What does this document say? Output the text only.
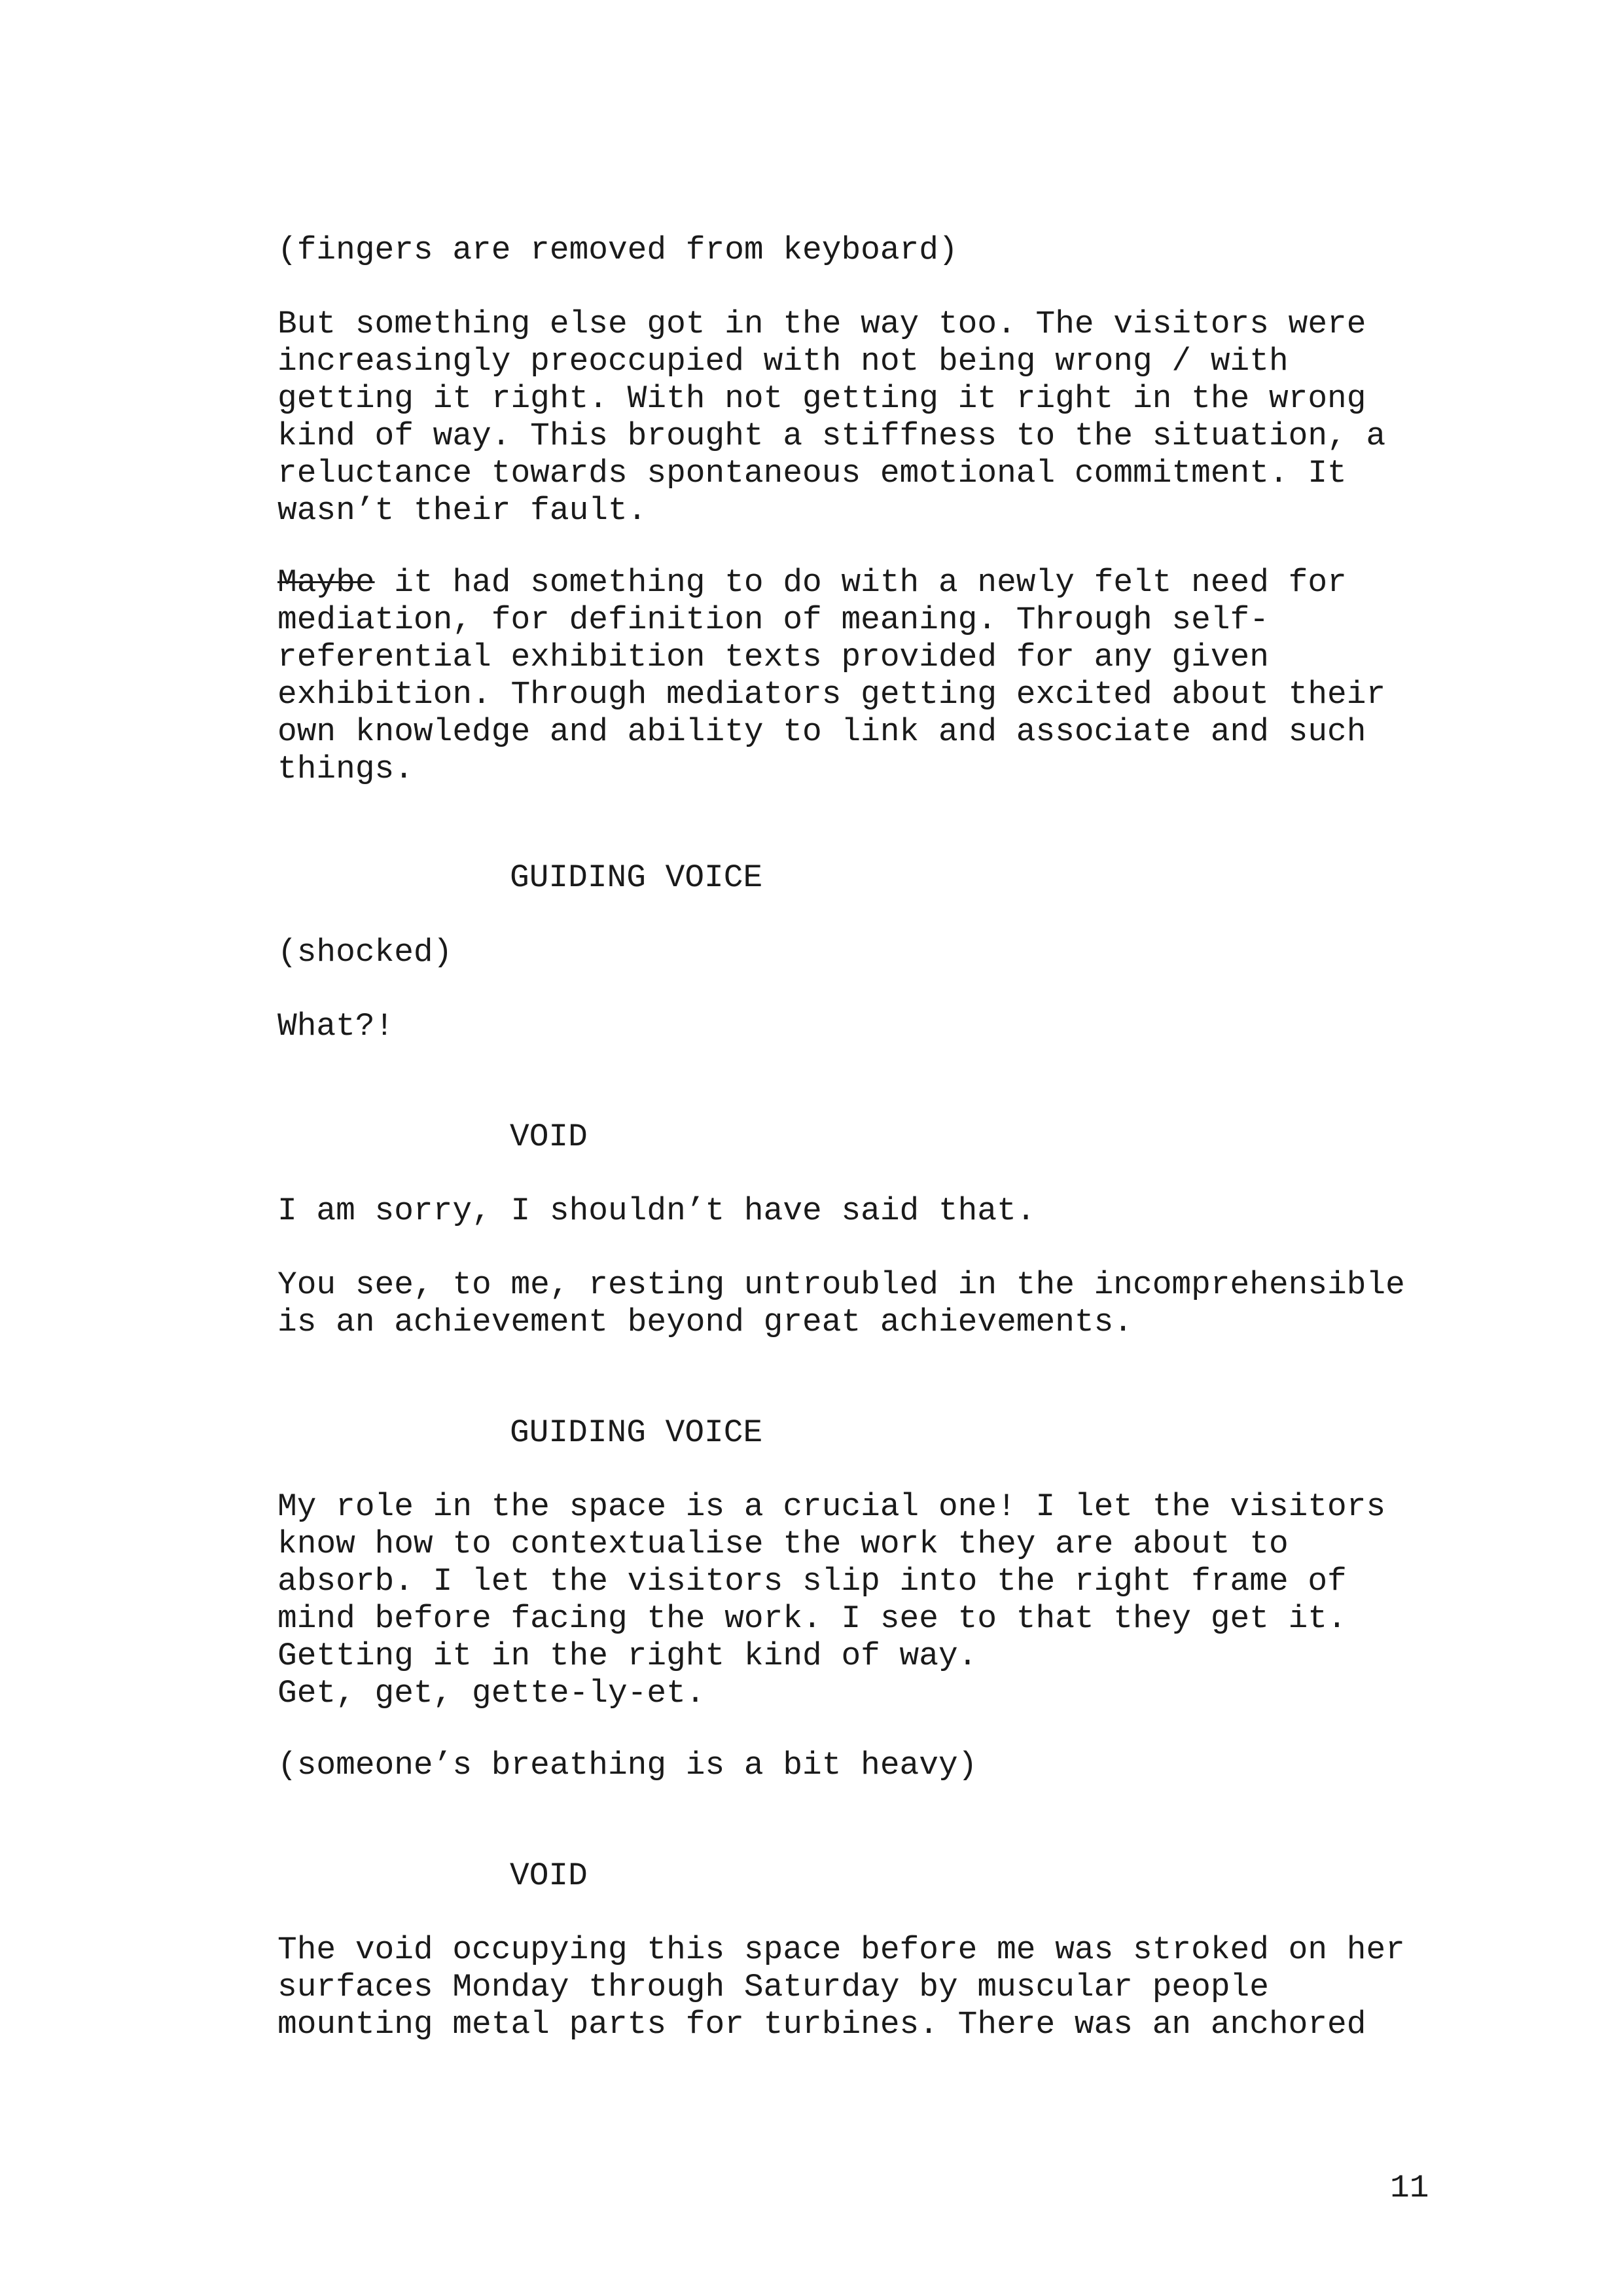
(fingers are removed from keyboard)

But something else got in the way too. The visitors were
increasingly preoccupied with not being wrong / with
getting it right. With not getting it right in the wrong
kind of way. This brought a stiffness to the situation, a
reluctance towards spontaneous emotional commitment. It
wasn’t their fault.
Maybe it had something to do with a newly felt need for
mediation, for definition of meaning. Through self-
referential exhibition texts provided for any given
exhibition. Through mediators getting excited about their
own knowledge and ability to link and associate and such
things.

GUIDING VOICE

(shocked)

What?!

VOID

I am sorry, I shouldn’t have said that.

You see, to me, resting untroubled in the incomprehensible
is an achievement beyond great achievements.

GUIDING VOICE

My role in the space is a crucial one! I let the visitors
know how to contextualise the work they are about to
absorb. I let the visitors slip into the right frame of
mind before facing the work. I see to that they get it.
Getting it in the right kind of way.
Get, get, gette-ly-et.

(someone’s breathing is a bit heavy)

VOID

The void occupying this space before me was stroked on her
surfaces Monday through Saturday by muscular people
mounting metal parts for turbines. There was an anchored
11
